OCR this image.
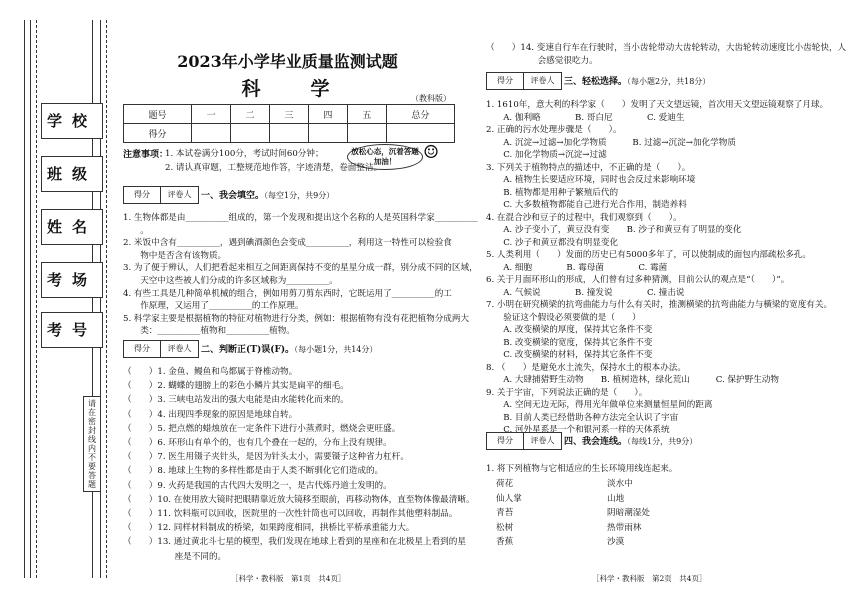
学校
班级
姓名
考场
考号
请在密封线内不要答题
2023年小学毕业质量监测试题
科　　学	（教科版）
题号	一	二	三	四	五	总分
得分						
注意事项：
1. 本试卷满分100分，考试时间60分钟；
2. 请认真审题，工整规范地作答，字迹清楚，卷面整洁。
放松心态，沉着答题
加油！	☺
得分	评卷人	一、我会填空。（每空1分，共9分）
1. 生物体都是由__________组成的，第一个发现和提出这个名称的人是英国科学家__________
　　。
2. 米饭中含有__________，遇到碘酒颜色会变成__________，利用这一特性可以检验食
　　物中是否含有该物质。
3. 为了便于辨认，人们把看起来相互之间距离保持不变的星星分成一群，别分成不同的区域，
　　天空中这些被人们分成的许多区域称为__________。
4. 有些工具是几种简单机械的组合，例如用剪刀剪东西时，它既运用了__________的工
　　作原理，又运用了__________的工作原理。
5. 科学家主要是根据植物的特征对植物进行分类，例如：根据植物有没有花把植物分成两大
　　类：__________植物和__________植物。
得分	评卷人	二、判断正(T)误(F)。（每小题1分，共14分）
（　　）1. 金鱼、鳗鱼和鸟都属于脊椎动物。
（　　）2. 蝴蝶的翅膀上的彩色小鳞片其实是扁平的细毛。
（　　）3. 三峡电站发出的强大电能是由水能转化而来的。
（　　）4. 出现四季现象的原因是地球自转。
（　　）5. 把点燃的蜡烛放在一定条件下进行小蒸煮时，燃烧会更旺盛。
（　　）6. 环形山有单个的，也有几个叠在一起的，分布上没有规律。
（　　）7. 医生用镊子夹针头，是因为针头太小，需要镊子这种省力杠杆。
（　　）8. 地球上生物的多样性都是由于人类不断驯化它们造成的。
（　　）9. 火药是我国的古代四大发明之一，是古代炼丹道士发明的。
（　　）10. 在使用放大镜时把眼睛靠近放大镜移至眼前，再移动物体，直至物体像最清晰。
（　　）11. 饮料瓶可以回收，医院里的一次性针筒也可以回收，再制作其他塑料制品。
（　　）12. 同样材料制成的桥梁，如果跨度相同，拱桥比平桥承重能力大。
（　　）13. 通过黄北斗七星的模型，我们发现在地球上看到的星座和在北极星上看到的星
　　　　　　座是不同的。
［科学・教科版　第1页　共4页］
（　　）14. 变速自行车在行驶时，当小齿轮带动大齿轮转动，大齿轮转动速度比小齿轮快，人
　　　　　　会感觉很吃力。
得分	评卷人	三、轻松选择。（每小题2分，共18分）
1. 1610年，意大利的科学家（　　）发明了天文望远镜，首次用天文望远镜观察了月球。
　　A. 伽利略　　　　B. 哥白尼　　　　C. 爱迪生
2. 正确的污水处理步骤是（　　）。
　　A. 沉淀→过滤→加化学物质　　　B. 过滤→沉淀→加化学物质
　　C. 加化学物质→沉淀→过滤
3. 下列关于植物特点的描述中，不正确的是（　　）。
　　A. 植物生长要适应环境，同时也会反过来影响环境
　　B. 植物都是用种子繁殖后代的
　　C. 大多数植物都能自己进行光合作用，制造养料
4. 在混合沙和豆子的过程中，我们观察到（　　）。
　　A. 沙子变小了，黄豆没有变　　B. 沙子和黄豆有了明显的变化
　　C. 沙子和黄豆都没有明显变化
5. 人类利用（　　）发面的历史已有5000多年了，可以使制成的面包内部疏松多孔。
　　A. 细胞　　　　B. 霉母菌　　　　C. 霉菌
6. 关于月面环形山的形成，人们曾有过多种猜测，目前公认的观点是“（　　）”。
　　A. 气候说　　　　B. 撞发说　　　　C. 撞击说
7. 小明在研究横梁的抗弯曲能力与什么有关时，推测横梁的抗弯曲能力与横梁的宽度有关。
　　验证这个假设必须要做的是（　　）
　　A. 改变横梁的厚度，保持其它条件不变
　　B. 改变横梁的宽度，保持其它条件不变
　　C. 改变横梁的材料，保持其它条件不变
8. （　　）是避免水土流失，保持水土的根本办法。
　　A. 大肆捕猎野生动物　　B. 植树造林，绿化荒山　　　C. 保护野生动物
9. 关于宇宙，下列说法正确的是（　　）。
　　A. 空间无边无际，得用光年做单位来测量恒星间的距离
　　B. 目前人类已经借助各种方法完全认识了宇宙
　　C. 河外星系是一个和银河系一样的天体系统
得分	评卷人	四、我会连线。（每线1分，共9分）
1. 将下列植物与它相适应的生长环境用线连起来。
荷花
仙人掌
青苔
松树
香蕉
淡水中
山地
阴暗潮湿处
热带雨林
沙漠
［科学・教科版　第2页　共4页］
